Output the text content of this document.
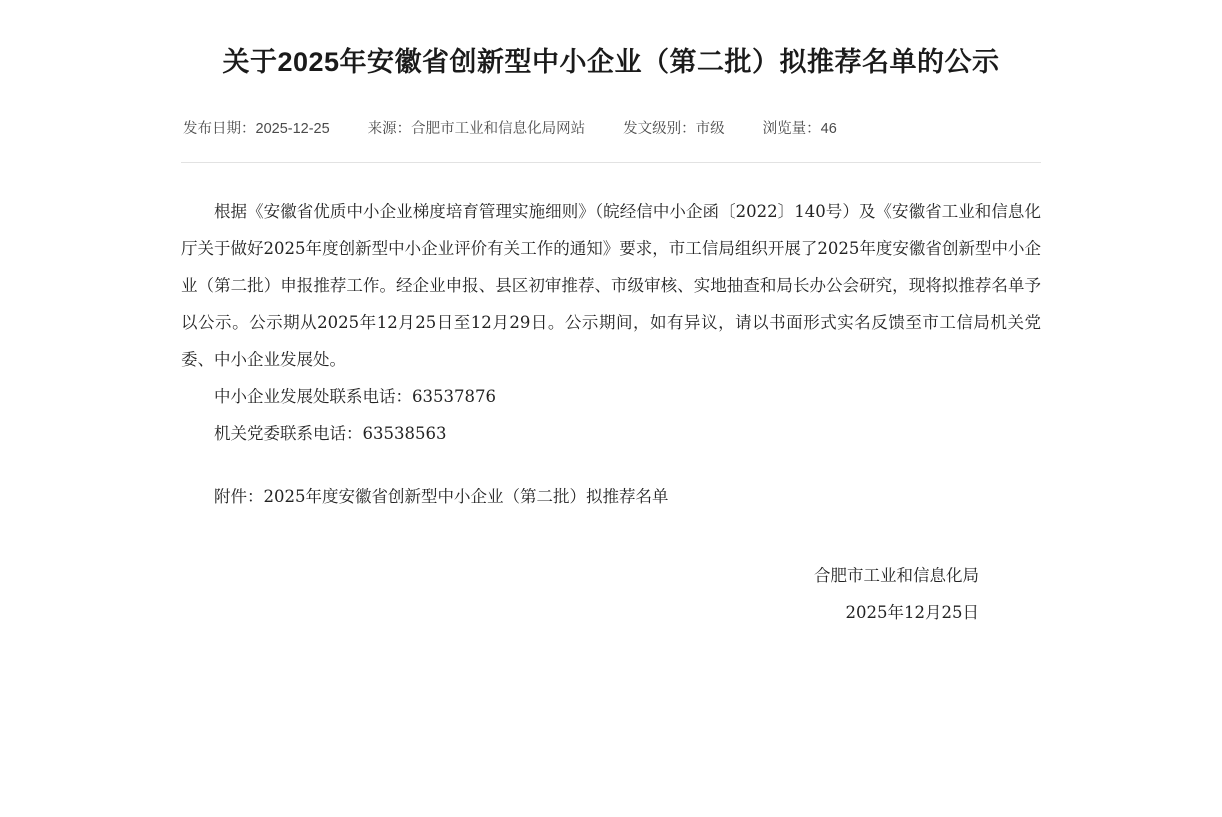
关于2025年安徽省创新型中小企业（第二批）拟推荐名单的公示
发布日期：2025-12-25	来源：合肥市工业和信息化局网站	发文级别：市级	浏览量：46

根据《安徽省优质中小企业梯度培育管理实施细则》（皖经信中小企函〔2022〕140号）及《安徽省工业和信息化厅关于做好2025年度创新型中小企业评价有关工作的通知》要求，市工信局组织开展了2025年度安徽省创新型中小企业（第二批）申报推荐工作。经企业申报、县区初审推荐、市级审核、实地抽查和局长办公会研究，现将拟推荐名单予以公示。公示期从2025年12月25日至12月29日。公示期间，如有异议，请以书面形式实名反馈至市工信局机关党委、中小企业发展处。

中小企业发展处联系电话：63537876

机关党委联系电话：63538563

附件：2025年度安徽省创新型中小企业（第二批）拟推荐名单

合肥市工业和信息化局
2025年12月25日
